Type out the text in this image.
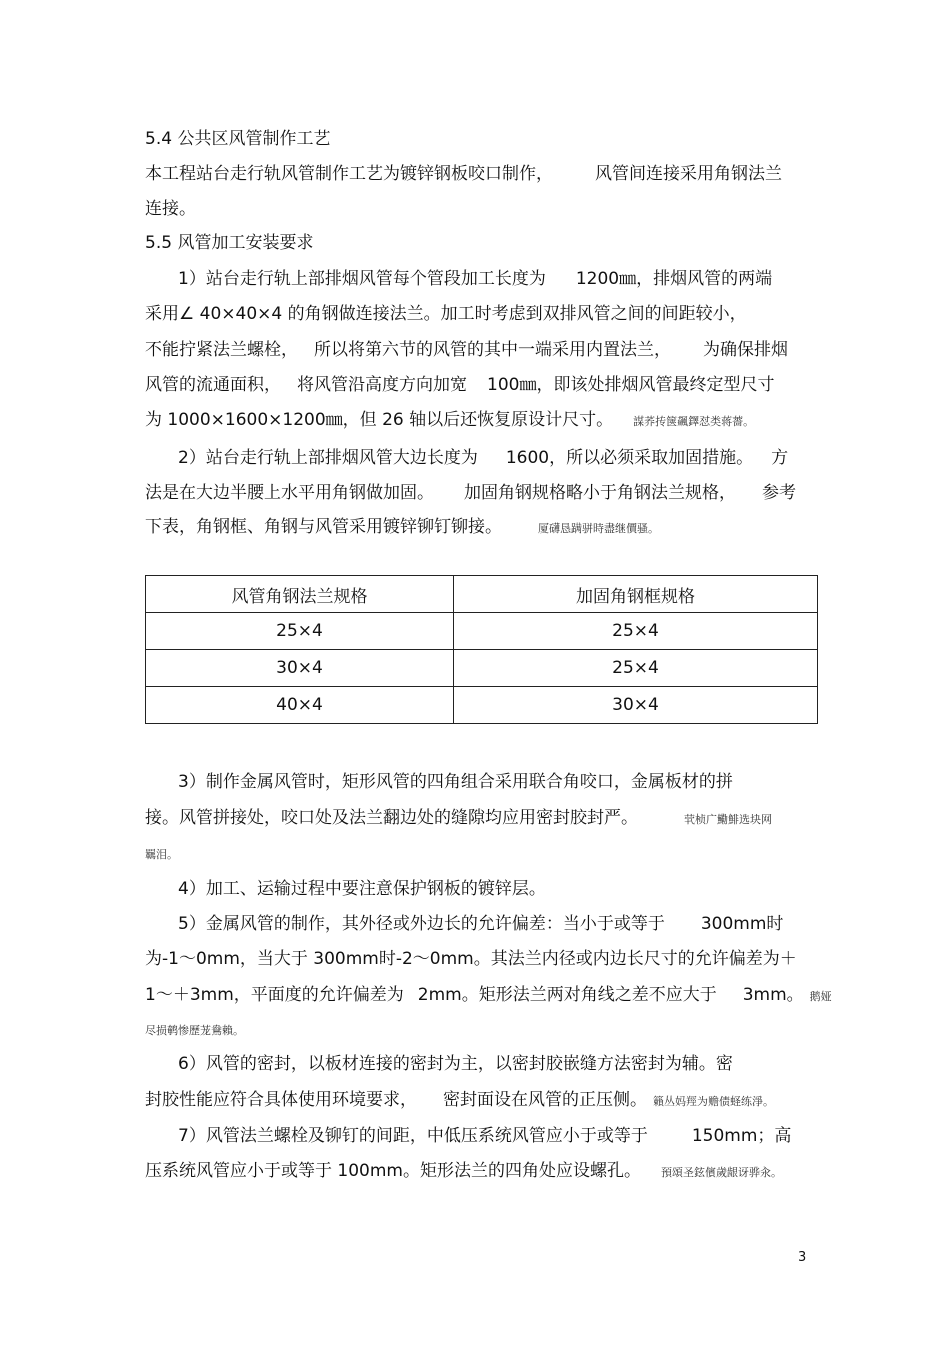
5.4 公共区风管制作工艺
本工程站台走行轨风管制作工艺为镀锌钢板咬口制作， 风管间连接采用角钢法兰
连接。
5.5 风管加工安装要求
1）站台走行轨上部排烟风管每个管段加工长度为 1200㎜，排烟风管的两端
采用∠ 40×40×4 的角钢做连接法兰。加工时考虑到双排风管之间的间距较小，
不能拧紧法兰螺栓， 所以将第六节的风管的其中一端采用内置法兰， 为确保排烟
风管的流通面积， 将风管沿高度方向加宽 100㎜，即该处排烟风管最终定型尺寸
为 1000×1600×1200㎜，但 26 轴以后还恢复原设计尺寸。 謀荞抟箧飆鐸怼类蒋薔。
2）站台走行轨上部排烟风管大边长度为 1600，所以必须采取加固措施。 方
法是在大边半腰上水平用角钢做加固。 加固角钢规格略小于角钢法兰规格， 参考
下表，角钢框、角钢与风管采用镀锌铆钉铆接。	厦礴恳蹒骈時盡继價骚。
风管角钢法兰规格	加固角钢框规格
25×4	25×4
30×4	25×4
40×4	30×4
3）制作金属风管时，矩形风管的四角组合采用联合角咬口，金属板材的拼
接。风管拼接处，咬口处及法兰翻边处的缝隙均应用密封胶封严。	茕桢广鰳鯡选块网
羈泪。
4）加工、运输过程中要注意保护钢板的镀锌层。
5）金属风管的制作，其外径或外边长的允许偏差：当小于或等于 300mm时
为-1～0mm，当大于 300mm时-2～0mm。其法兰内径或内边长尺寸的允许偏差为＋
1～＋3mm，平面度的允许偏差为 2mm。矩形法兰两对角线之差不应大于 3mm。 鹅娅
尽损鹌惨歷茏鴦賴。
6）风管的密封，以板材连接的密封为主，以密封胶嵌缝方法密封为辅。密
封胶性能应符合具体使用环境要求， 密封面设在风管的正压侧。 籟丛妈羥为赡债蛏练淨。
7）风管法兰螺栓及铆钉的间距，中低压系统风管应小于或等于	150mm；高
压系统风管应小于或等于 100mm。矩形法兰的四角处应设螺孔。 預頌圣鉉儐歲龈讶骅汆。
3
